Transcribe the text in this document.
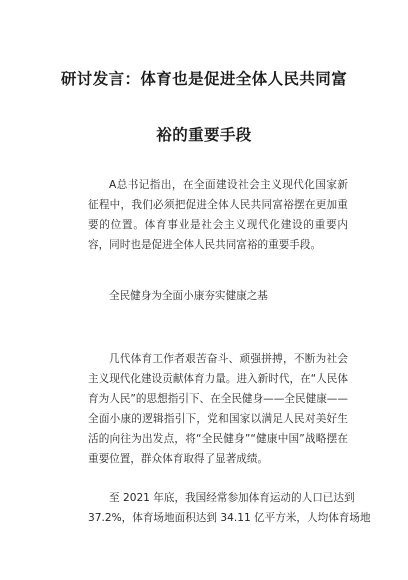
研讨发言：体育也是促进全体人民共同富
裕的重要手段
A总书记指出，在全面建设社会主义现代化国家新征程中，我们必须把促进全体人民共同富裕摆在更加重要的位置。体育事业是社会主义现代化建设的重要内容，同时也是促进全体人民共同富裕的重要手段。
全民健身为全面小康夯实健康之基
几代体育工作者艰苦奋斗、顽强拼搏，不断为社会主义现代化建设贡献体育力量。进入新时代，在“人民体育为人民”的思想指引下、在全民健身——全民健康——全面小康的逻辑指引下，党和国家以满足人民对美好生活的向往为出发点，将“全民健身”“健康中国”战略摆在重要位置，群众体育取得了显著成绩。
至 2021 年底，我国经常参加体育运动的人口已达到
37.2%，体育场地面积达到 34.11 亿平方米，人均体育场地
